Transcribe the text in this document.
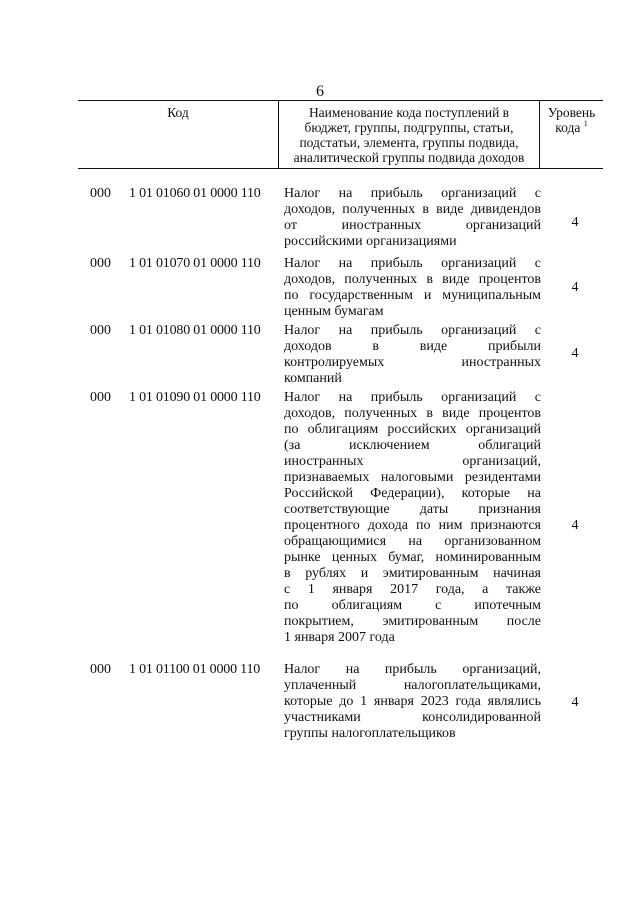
6
Код	Наименование кода поступлений в
бюджет, группы, подгруппы, статьи,
подстатьи, элемента, группы подвида,
аналитической группы подвида доходов
Уровень
кода $^1$
000 1 01 01060 01 0000 110 Налог на прибыль организаций с
доходов, полученных в виде дивидендов
от иностранных организаций
российскими организациями
4
000 1 01 01070 01 0000 110 Налог на прибыль организаций с
доходов, полученных в виде процентов
по государственным и муниципальным
ценным бумагам
4
000 1 01 01080 01 0000 110 Налог на прибыль организаций с
доходов в виде прибыли
контролируемых иностранных
компаний
4
000 1 01 01090 01 0000 110 Налог на прибыль организаций с
доходов, полученных в виде процентов
по облигациям российских организаций
(за исключением облигаций
иностранных организаций,
признаваемых налоговыми резидентами
Российской Федерации), которые на
соответствующие даты признания
процентного дохода по ним признаются
обращающимися на организованном
рынке ценных бумаг, номинированным
в рублях и эмитированным начиная
с 1 января 2017 года, а также
по облигациям с ипотечным
покрытием, эмитированным после
1 января 2007 года
4
000 1 01 01100 01 0000 110 Налог на прибыль организаций,
уплаченный налогоплательщиками,
которые до 1 января 2023 года являлись
участниками консолидированной
группы налогоплательщиков
4
